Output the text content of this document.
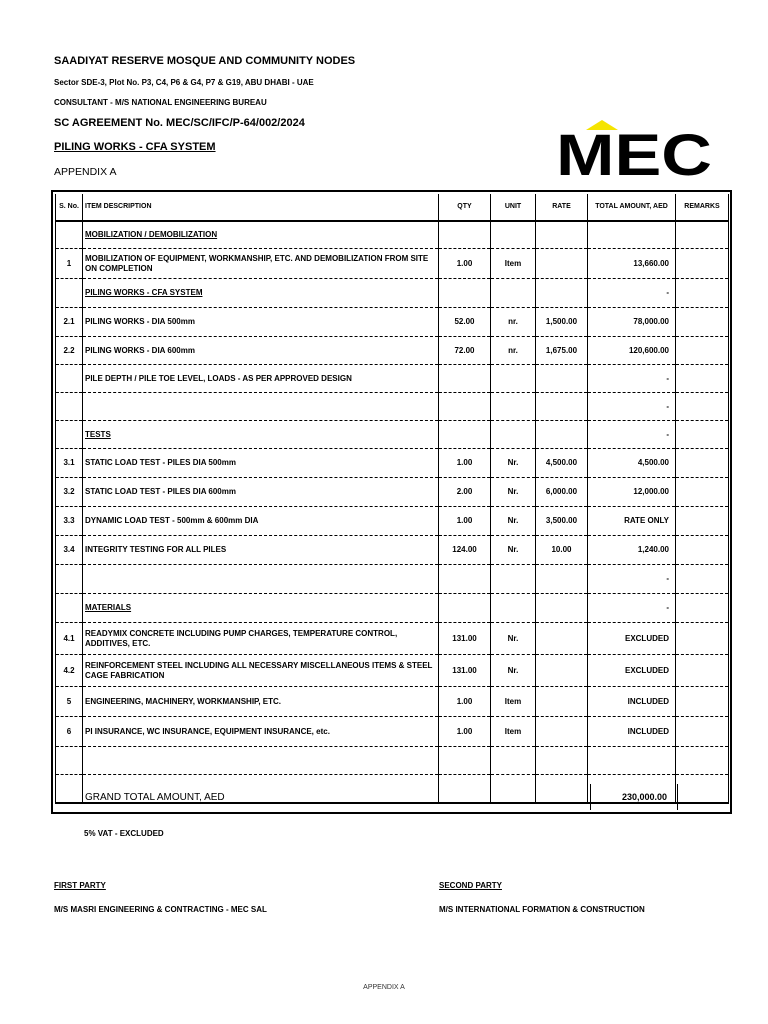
SAADIYAT RESERVE MOSQUE AND COMMUNITY NODES
Sector SDE-3, Plot No. P3, C4, P6 & G4, P7 & G19, ABU DHABI - UAE
CONSULTANT - M/S NATIONAL ENGINEERING BUREAU
SC AGREEMENT No. MEC/SC/IFC/P-64/002/2024
PILING WORKS - CFA SYSTEM
APPENDIX A	MEC
S. No.	ITEM DESCRIPTION	QTY	UNIT	RATE	TOTAL AMOUNT, AED	REMARKS
	MOBILIZATION / DEMOBILIZATION					
1	MOBILIZATION OF EQUIPMENT, WORKMANSHIP, ETC. AND DEMOBILIZATION FROM SITE ON COMPLETION	1.00	Item		13,660.00	
	PILING WORKS - CFA SYSTEM				-	
2.1	PILING WORKS - DIA 500mm	52.00	nr.	1,500.00	78,000.00	
2.2	PILING WORKS - DIA 600mm	72.00	nr.	1,675.00	120,600.00	
	PILE DEPTH / PILE TOE LEVEL, LOADS - AS PER APPROVED DESIGN				-	
					-	
	TESTS				-	
3.1	STATIC LOAD TEST - PILES DIA 500mm	1.00	Nr.	4,500.00	4,500.00	
3.2	STATIC LOAD TEST - PILES DIA 600mm	2.00	Nr.	6,000.00	12,000.00	
3.3	DYNAMIC LOAD TEST - 500mm & 600mm DIA	1.00	Nr.	3,500.00	RATE ONLY	
3.4	INTEGRITY TESTING FOR ALL PILES	124.00	Nr.	10.00	1,240.00	
					-	
	MATERIALS				-	
4.1	READYMIX CONCRETE INCLUDING PUMP CHARGES, TEMPERATURE CONTROL, ADDITIVES, ETC.	131.00	Nr.		EXCLUDED	
4.2	REINFORCEMENT STEEL INCLUDING ALL NECESSARY MISCELLANEOUS ITEMS & STEEL CAGE FABRICATION	131.00	Nr.		EXCLUDED	
5	ENGINEERING, MACHINERY, WORKMANSHIP, ETC.	1.00	Item		INCLUDED	
6	PI INSURANCE, WC INSURANCE, EQUIPMENT INSURANCE, etc.	1.00	Item		INCLUDED	

GRAND TOTAL AMOUNT, AED	230,000.00
5% VAT - EXCLUDED
FIRST PARTY
M/S MASRI ENGINEERING & CONTRACTING - MEC SAL
SECOND PARTY
M/S INTERNATIONAL FORMATION & CONSTRUCTION
APPENDIX A
